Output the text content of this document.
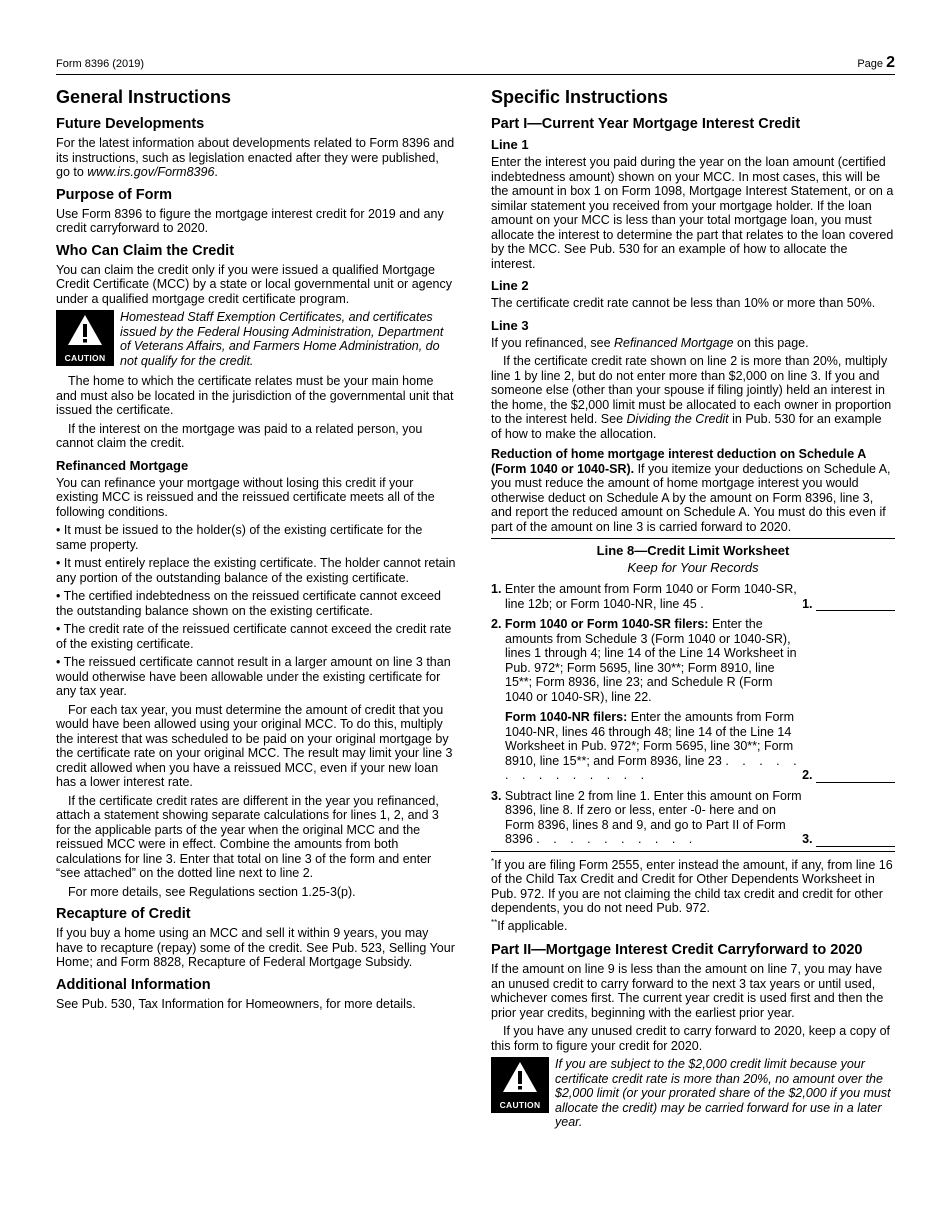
Form 8396 (2019)	Page 2
General Instructions
Future Developments

For the latest information about developments related to Form 8396 and its instructions, such as legislation enacted after they were published, go to www.irs.gov/Form8396.

Purpose of Form

Use Form 8396 to figure the mortgage interest credit for 2019 and any credit carryforward to 2020.

Who Can Claim the Credit

You can claim the credit only if you were issued a qualified Mortgage Credit Certificate (MCC) by a state or local governmental unit or agency under a qualified mortgage credit certificate program.

CAUTION
Homestead Staff Exemption Certificates, and certificates issued by the Federal Housing Administration, Department of Veterans Affairs, and Farmers Home Administration, do not qualify for the credit.

The home to which the certificate relates must be your main home and must also be located in the jurisdiction of the governmental unit that issued the certificate.

If the interest on the mortgage was paid to a related person, you cannot claim the credit.

Refinanced Mortgage

You can refinance your mortgage without losing this credit if your existing MCC is reissued and the reissued certificate meets all of the following conditions.

• It must be issued to the holder(s) of the existing certificate for the same property.

• It must entirely replace the existing certificate. The holder cannot retain any portion of the outstanding balance of the existing certificate.

• The certified indebtedness on the reissued certificate cannot exceed the outstanding balance shown on the existing certificate.

• The credit rate of the reissued certificate cannot exceed the credit rate of the existing certificate.

• The reissued certificate cannot result in a larger amount on line 3 than would otherwise have been allowable under the existing certificate for any tax year.

For each tax year, you must determine the amount of credit that you would have been allowed using your original MCC. To do this, multiply the interest that was scheduled to be paid on your original mortgage by the certificate rate on your original MCC. The result may limit your line 3 credit allowed when you have a reissued MCC, even if your new loan has a lower interest rate.

If the certificate credit rates are different in the year you refinanced, attach a statement showing separate calculations for lines 1, 2, and 3 for the applicable parts of the year when the original MCC and the reissued MCC were in effect. Combine the amounts from both calculations for line 3. Enter that total on line 3 of the form and enter “see attached” on the dotted line next to line 2.

For more details, see Regulations section 1.25-3(p).

Recapture of Credit

If you buy a home using an MCC and sell it within 9 years, you may have to recapture (repay) some of the credit. See Pub. 523, Selling Your Home; and Form 8828, Recapture of Federal Mortgage Subsidy.

Additional Information

See Pub. 530, Tax Information for Homeowners, for more details.

Specific Instructions
Part I—Current Year Mortgage Interest Credit
Line 1

Enter the interest you paid during the year on the loan amount (certified indebtedness amount) shown on your MCC. In most cases, this will be the amount in box 1 on Form 1098, Mortgage Interest Statement, or on a similar statement you received from your mortgage holder. If the loan amount on your MCC is less than your total mortgage loan, you must allocate the interest to determine the part that relates to the loan covered by the MCC. See Pub. 530 for an example of how to allocate the interest.

Line 2

The certificate credit rate cannot be less than 10% or more than 50%.

Line 3

If you refinanced, see Refinanced Mortgage on this page.

If the certificate credit rate shown on line 2 is more than 20%, multiply line 1 by line 2, but do not enter more than $2,000 on line 3. If you and someone else (other than your spouse if filing jointly) held an interest in the home, the $2,000 limit must be allocated to each owner in proportion to the interest held. See Dividing the Credit in Pub. 530 for an example of how to make the allocation.

Reduction of home mortgage interest deduction on Schedule A (Form 1040 or 1040-SR). If you itemize your deductions on Schedule A, you must reduce the amount of home mortgage interest you would otherwise deduct on Schedule A by the amount on Form 8396, line 3, and report the reduced amount on Schedule A. You must do this even if part of the amount on line 3 is carried forward to 2020.

Line 8—Credit Limit Worksheet
Keep for Your Records
1. Enter the amount from Form 1040 or Form 1040-SR, line 12b; or Form 1040-NR, line 45 .	1.
2. Form 1040 or Form 1040-SR filers: Enter the amounts from Schedule 3 (Form 1040 or 1040-SR), lines 1 through 4; line 14 of the Line 14 Worksheet in Pub. 972*; Form 5695, line 30**; Form 8910, line 15**; Form 8936, line 23; and Schedule R (Form 1040 or 1040-SR), line 22.
Form 1040-NR filers: Enter the amounts from Form 1040-NR, lines 46 through 48; line 14 of the Line 14 Worksheet in Pub. 972*; Form 5695, line 30**; Form 8910, line 15**; and Form 8936, line 23 . . . . . . . . . . . . . .	2.
3. Subtract line 2 from line 1. Enter this amount on Form 8396, line 8. If zero or less, enter -0- here and on Form 8396, lines 8 and 9, and go to Part II of Form 8396 . . . . . . . . . .	3.

*If you are filing Form 2555, enter instead the amount, if any, from line 16 of the Child Tax Credit and Credit for Other Dependents Worksheet in Pub. 972. If you are not claiming the child tax credit and credit for other dependents, you do not need Pub. 972.

**If applicable.

Part II—Mortgage Interest Credit Carryforward to 2020

If the amount on line 9 is less than the amount on line 7, you may have an unused credit to carry forward to the next 3 tax years or until used, whichever comes first. The current year credit is used first and then the prior year credits, beginning with the earliest prior year.

If you have any unused credit to carry forward to 2020, keep a copy of this form to figure your credit for 2020.

CAUTION
If you are subject to the $2,000 credit limit because your certificate credit rate is more than 20%, no amount over the $2,000 limit (or your prorated share of the $2,000 if you must allocate the credit) may be carried forward for use in a later year.
